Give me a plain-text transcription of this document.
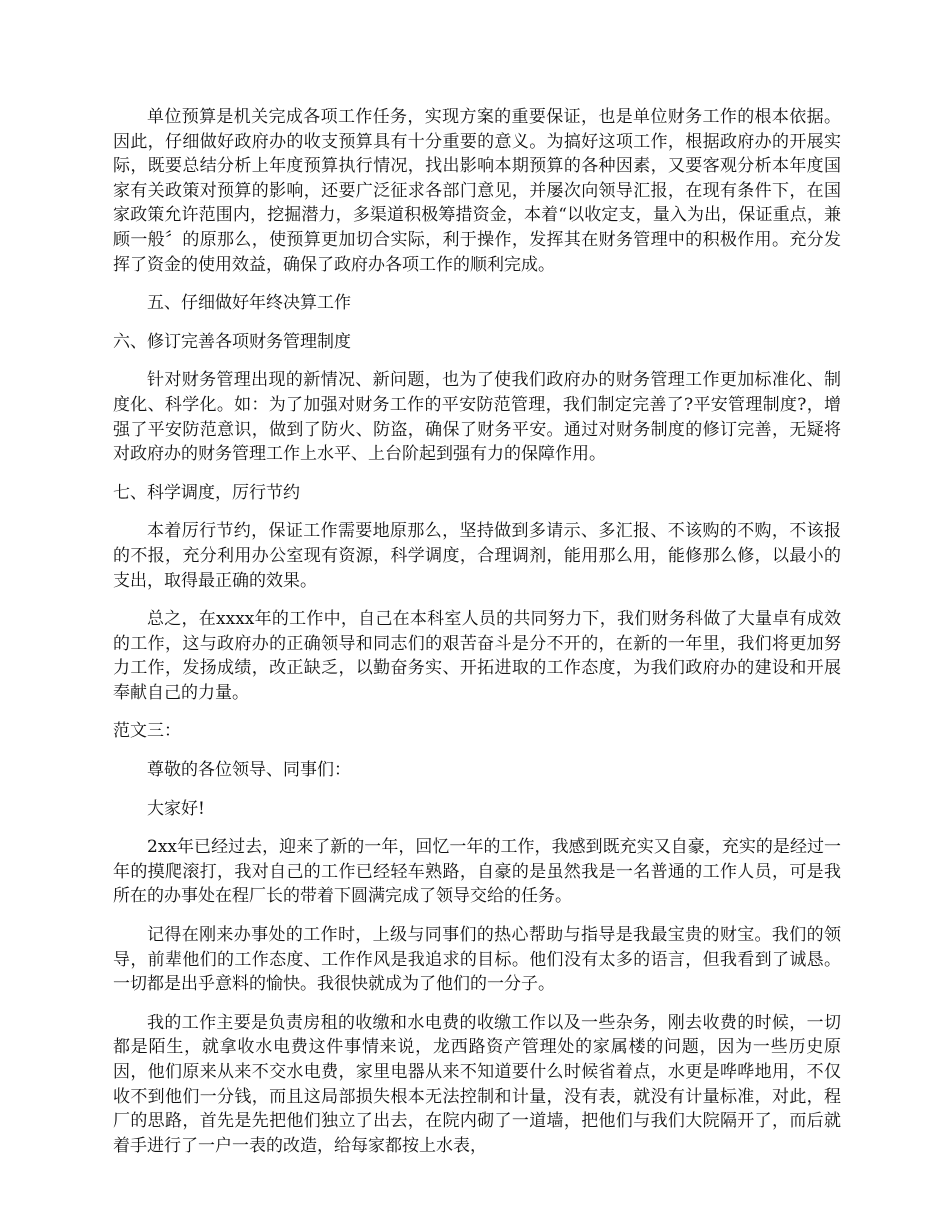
单位预算是机关完成各项工作任务，实现方案的重要保证，也是单位财务工作的根本依据。因此，仔细做好政府办的收支预算具有十分重要的意义。为搞好这项工作，根据政府办的开展实际，既要总结分析上年度预算执行情况，找出影响本期预算的各种因素，又要客观分析本年度国家有关政策对预算的影响，还要广泛征求各部门意见，并屡次向领导汇报，在现有条件下，在国家政策允许范围内，挖掘潜力，多渠道积极筹措资金，本着“以收定支，量入为出，保证重点，兼顾一般〞的原那么，使预算更加切合实际，利于操作，发挥其在财务管理中的积极作用。充分发挥了资金的使用效益，确保了政府办各项工作的顺利完成。

五、仔细做好年终决算工作

六、修订完善各项财务管理制度

针对财务管理出现的新情况、新问题，也为了使我们政府办的财务管理工作更加标准化、制度化、科学化。如：为了加强对财务工作的平安防范管理，我们制定完善了?平安管理制度?，增强了平安防范意识，做到了防火、防盗，确保了财务平安。通过对财务制度的修订完善，无疑将对政府办的财务管理工作上水平、上台阶起到强有力的保障作用。

七、科学调度，厉行节约

本着厉行节约，保证工作需要地原那么，坚持做到多请示、多汇报、不该购的不购，不该报的不报，充分利用办公室现有资源，科学调度，合理调剂，能用那么用，能修那么修，以最小的支出，取得最正确的效果。

总之，在xxxx年的工作中，自己在本科室人员的共同努力下，我们财务科做了大量卓有成效的工作，这与政府办的正确领导和同志们的艰苦奋斗是分不开的，在新的一年里，我们将更加努力工作，发扬成绩，改正缺乏，以勤奋务实、开拓进取的工作态度，为我们政府办的建设和开展奉献自己的力量。

范文三：

尊敬的各位领导、同事们：

大家好!

2xx年已经过去，迎来了新的一年，回忆一年的工作，我感到既充实又自豪，充实的是经过一年的摸爬滚打，我对自己的工作已经轻车熟路，自豪的是虽然我是一名普通的工作人员，可是我所在的办事处在程厂长的带着下圆满完成了领导交给的任务。

记得在刚来办事处的工作时，上级与同事们的热心帮助与指导是我最宝贵的财宝。我们的领导，前辈他们的工作态度、工作作风是我追求的目标。他们没有太多的语言，但我看到了诚恳。一切都是出乎意料的愉快。我很快就成为了他们的一分子。

我的工作主要是负责房租的收缴和水电费的收缴工作以及一些杂务，刚去收费的时候，一切都是陌生，就拿收水电费这件事情来说，龙西路资产管理处的家属楼的问题，因为一些历史原因，他们原来从来不交水电费，家里电器从来不知道要什么时候省着点，水更是哗哗地用，不仅收不到他们一分钱，而且这局部损失根本无法控制和计量，没有表，就没有计量标准，对此，程厂的思路，首先是先把他们独立了出去，在院内砌了一道墙，把他们与我们大院隔开了，而后就着手进行了一户一表的改造，给每家都按上水表，
